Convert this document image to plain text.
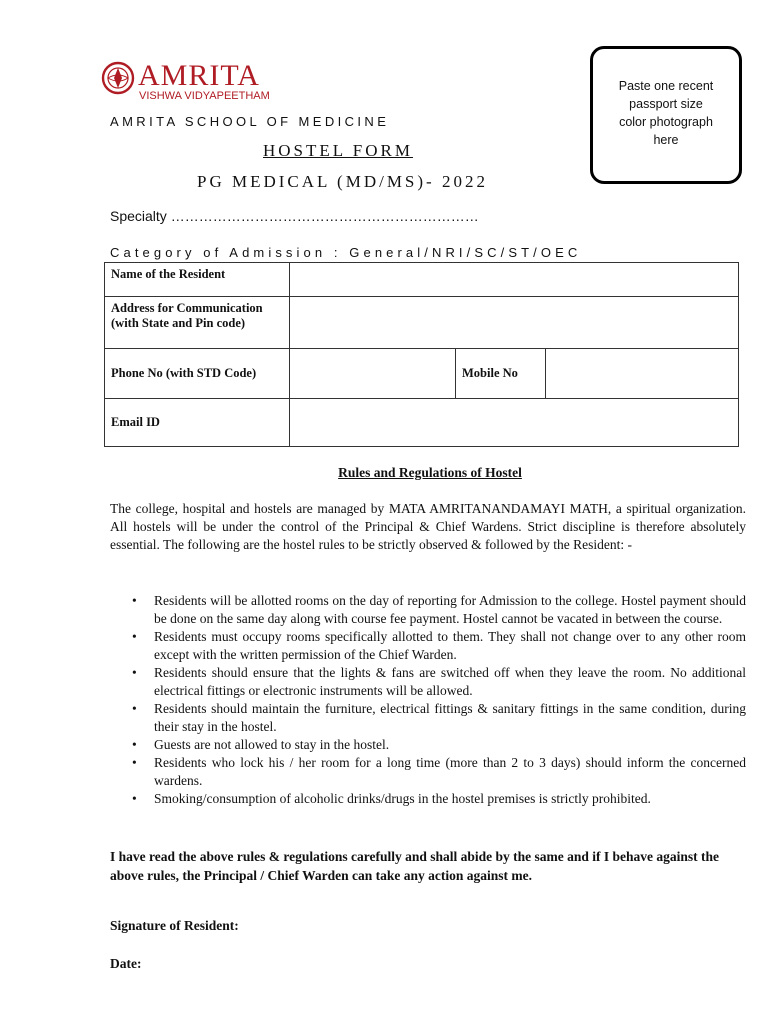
AMRITA
VISHWA VIDYAPEETHAM
AMRITA SCHOOL OF MEDICINE
HOSTEL FORM
PG MEDICAL (MD/MS)- 2022
Paste one recent passport size color photograph here
Specialty …………………………………………………………
Category of Admission : General/NRI/SC/ST/OEC
Name of the Resident			
Address for Communication (with State and Pin code)			
Phone No (with STD Code)		Mobile No	
Email ID			
Rules and Regulations of Hostel
The college, hospital and hostels are managed by MATA AMRITANANDAMAYI MATH, a spiritual organization. All hostels will be under the control of the Principal & Chief Wardens. Strict discipline is therefore absolutely essential. The following are the hostel rules to be strictly observed & followed by the Resident: -
• Residents will be allotted rooms on the day of reporting for Admission to the college. Hostel payment should be done on the same day along with course fee payment. Hostel cannot be vacated in between the course.
• Residents must occupy rooms specifically allotted to them. They shall not change over to any other room except with the written permission of the Chief Warden.
• Residents should ensure that the lights & fans are switched off when they leave the room. No additional electrical fittings or electronic instruments will be allowed.
• Residents should maintain the furniture, electrical fittings & sanitary fittings in the same condition, during their stay in the hostel.
• Guests are not allowed to stay in the hostel.
• Residents who lock his / her room for a long time (more than 2 to 3 days) should inform the concerned wardens.
• Smoking/consumption of alcoholic drinks/drugs in the hostel premises is strictly prohibited.
I have read the above rules & regulations carefully and shall abide by the same and if I behave against the above rules, the Principal / Chief Warden can take any action against me.
Signature of Resident:
Date:
